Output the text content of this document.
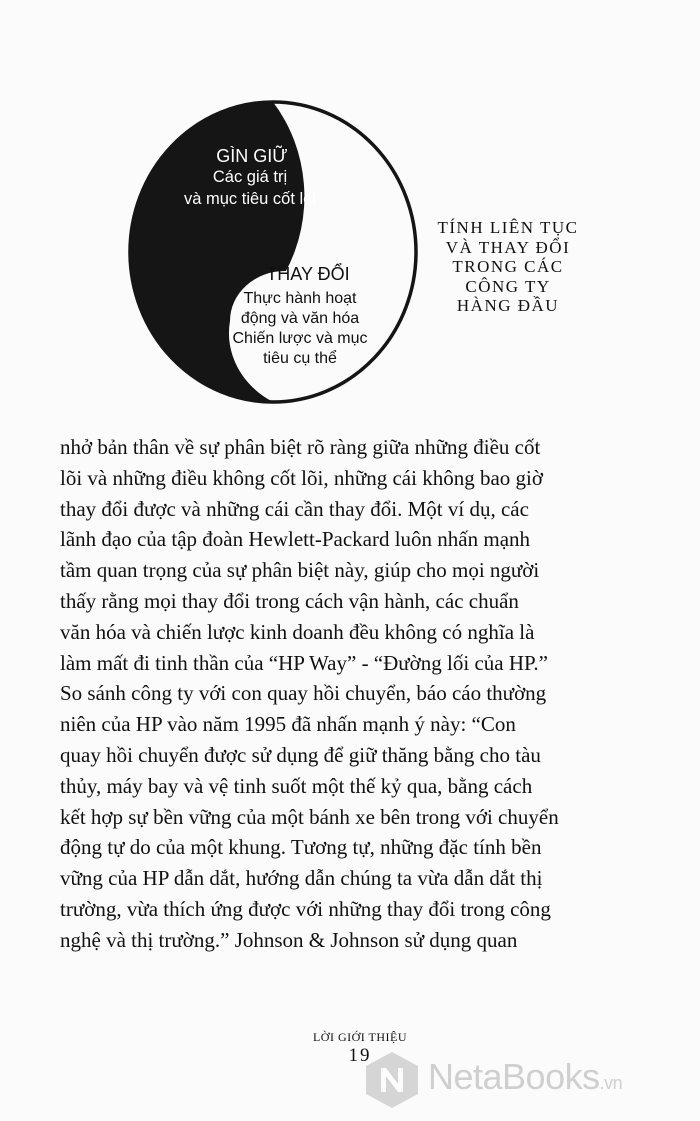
GÌN GIỮ
Các giá trị
và mục tiêu cốt lõi
THAY ĐỔI
Thực hành hoạt
động và văn hóa
Chiến lược và mục
tiêu cụ thể
TÍNH LIÊN TỤC
VÀ THAY ĐỔI
TRONG CÁC
CÔNG TY
HÀNG ĐẦU
nhở bản thân về sự phân biệt rõ ràng giữa những điều cốt
lõi và những điều không cốt lõi, những cái không bao giờ
thay đổi được và những cái cần thay đổi. Một ví dụ, các
lãnh đạo của tập đoàn Hewlett-Packard luôn nhấn mạnh
tầm quan trọng của sự phân biệt này, giúp cho mọi người
thấy rằng mọi thay đổi trong cách vận hành, các chuẩn
văn hóa và chiến lược kinh doanh đều không có nghĩa là
làm mất đi tinh thần của “HP Way” - “Đường lối của HP.”
So sánh công ty với con quay hồi chuyển, báo cáo thường
niên của HP vào năm 1995 đã nhấn mạnh ý này: “Con
quay hồi chuyển được sử dụng để giữ thăng bằng cho tàu
thủy, máy bay và vệ tinh suốt một thế kỷ qua, bằng cách
kết hợp sự bền vững của một bánh xe bên trong với chuyển
động tự do của một khung. Tương tự, những đặc tính bền
vững của HP dẫn dắt, hướng dẫn chúng ta vừa dẫn dắt thị
trường, vừa thích ứng được với những thay đổi trong công
nghệ và thị trường.” Johnson & Johnson sử dụng quan
LỜI GIỚI THIỆU
19
NetaBooks.vn
